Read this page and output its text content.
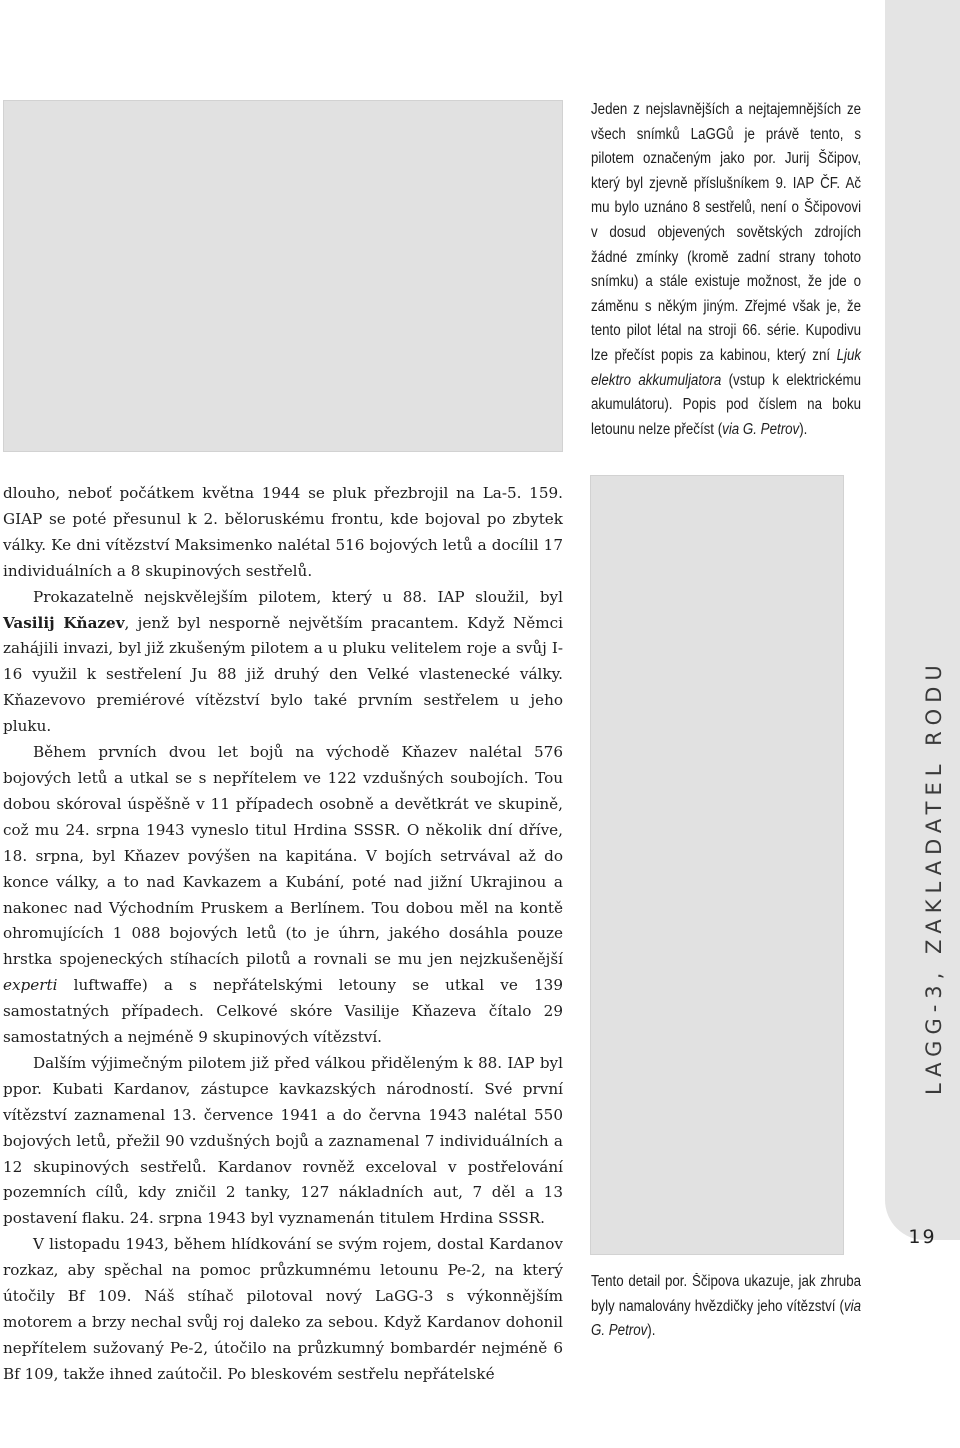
Jeden z nejslavnějších a nejtajemnějších ze všech snímků LaGGů je právě tento, s pilotem označeným jako por. Jurij Ščipov, který byl zjevně příslušníkem 9. IAP ČF. Ač mu bylo uznáno 8 sestřelů, není o Ščipovovi v dosud objevených sovětských zdrojích žádné zmínky (kromě zadní strany tohoto snímku) a stále existuje možnost, že jde o záměnu s někým jiným. Zřejmé však je, že tento pilot létal na stroji 66. série. Kupodivu lze přečíst popis za kabinou, který zní Ljuk elektro akkumuljatora (vstup k elektrickému akumulátoru). Popis pod číslem na boku letounu nelze přečíst (via G. Petrov).

Tento detail por. Ščipova ukazuje, jak zhruba byly namalovány hvězdičky jeho vítězství (via G. Petrov).

dlouho, neboť počátkem května 1944 se pluk přezbrojil na La-5. 159. GIAP se poté přesunul k 2. běloruskému frontu, kde bojoval po zbytek války. Ke dni vítězství Maksimenko nalétal 516 bojových letů a docílil 17 individuálních a 8 skupinových sestřelů.

Prokazatelně nejskvělejším pilotem, který u 88. IAP sloužil, byl Vasilij Kňazev, jenž byl nesporně největším pracantem. Když Němci zahájili invazi, byl již zkušeným pilotem a u pluku velitelem roje a svůj I-16 využil k sestřelení Ju 88 již druhý den Velké vlastenecké války. Kňazevovo premiérové vítězství bylo také prvním sestřelem u jeho pluku.

Během prvních dvou let bojů na východě Kňazev nalétal 576 bojových letů a utkal se s nepřítelem ve 122 vzdušných soubojích. Tou dobou skóroval úspěšně v 11 případech osobně a devětkrát ve skupině, což mu 24. srpna 1943 vyneslo titul Hrdina SSSR. O několik dní dříve, 18. srpna, byl Kňazev povýšen na kapitána. V bojích setrvával až do konce války, a to nad Kavkazem a Kubání, poté nad jižní Ukrajinou a nakonec nad Východním Pruskem a Berlínem. Tou dobou měl na kontě ohromujících 1 088 bojových letů (to je úhrn, jakého dosáhla pouze hrstka spojeneckých stíhacích pilotů a rovnali se mu jen nejzkušenější experti luftwaffe) a s nepřátelskými letouny se utkal ve 139 samostatných případech. Celkové skóre Vasilije Kňazeva čítalo 29 samostatných a nejméně 9 skupinových vítězství.

Dalším výjimečným pilotem již před válkou přiděleným k 88. IAP byl ppor. Kubati Kardanov, zástupce kavkazských národností. Své první vítězství zaznamenal 13. července 1941 a do června 1943 nalétal 550 bojových letů, přežil 90 vzdušných bojů a zaznamenal 7 individuálních a 12 skupinových sestřelů. Kardanov rovněž exceloval v postřelování pozemních cílů, kdy zničil 2 tanky, 127 nákladních aut, 7 děl a 13 postavení flaku. 24. srpna 1943 byl vyznamenán titulem Hrdina SSSR.

V listopadu 1943, během hlídkování se svým rojem, dostal Kardanov rozkaz, aby spěchal na pomoc průzkumnému letounu Pe-2, na který útočily Bf 109. Náš stíhač pilotoval nový LaGG-3 s výkonnějším motorem a brzy nechal svůj roj daleko za sebou. Když Kardanov dohonil nepřítelem sužovaný Pe-2, útočilo na průzkumný bombardér nejméně 6 Bf 109, takže ihned zaútočil. Po bleskovém sestřelu nepřátelské

LAGG-3, ZAKLADATEL RODU
19
